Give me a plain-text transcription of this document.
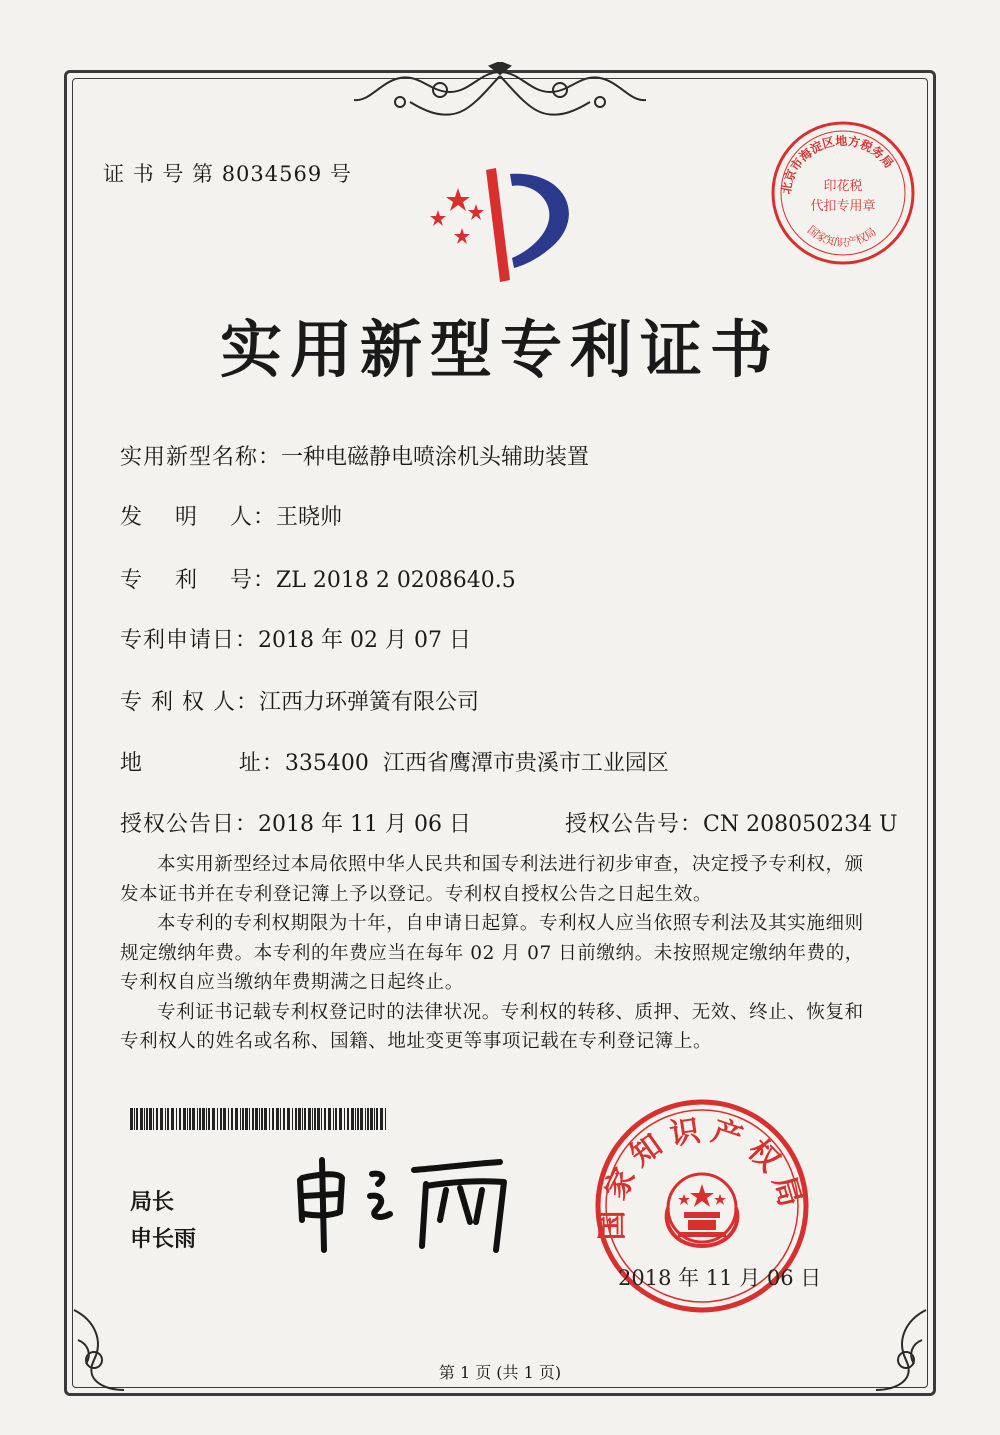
证 书 号 第 8034569 号
北京市海淀区地方税务局
印花税
代扣专用章
国家知识产权局
实用新型专利证书
实用新型名称：一种电磁静电喷涂机头辅助装置
发    明    人：王晓帅
专    利    号：ZL 2018 2 0208640.5
专利申请日：2018 年 02 月 07 日
专 利 权 人：江西力环弹簧有限公司
地            址：335400  江西省鹰潭市贵溪市工业园区
授权公告日：2018 年 11 月 06 日	授权公告号：CN 208050234 U

本实用新型经过本局依照中华人民共和国专利法进行初步审查，决定授予专利权，颁发本证书并在专利登记簿上予以登记。专利权自授权公告之日起生效。

本专利的专利权期限为十年，自申请日起算。专利权人应当依照专利法及其实施细则规定缴纳年费。本专利的年费应当在每年 02 月 07 日前缴纳。未按照规定缴纳年费的，专利权自应当缴纳年费期满之日起终止。

专利证书记载专利权登记时的法律状况。专利权的转移、质押、无效、终止、恢复和专利权人的姓名或名称、国籍、地址变更等事项记载在专利登记簿上。

局长
申长雨	国家知识产权局
2018 年 11 月 06 日
第 1 页 (共 1 页)
